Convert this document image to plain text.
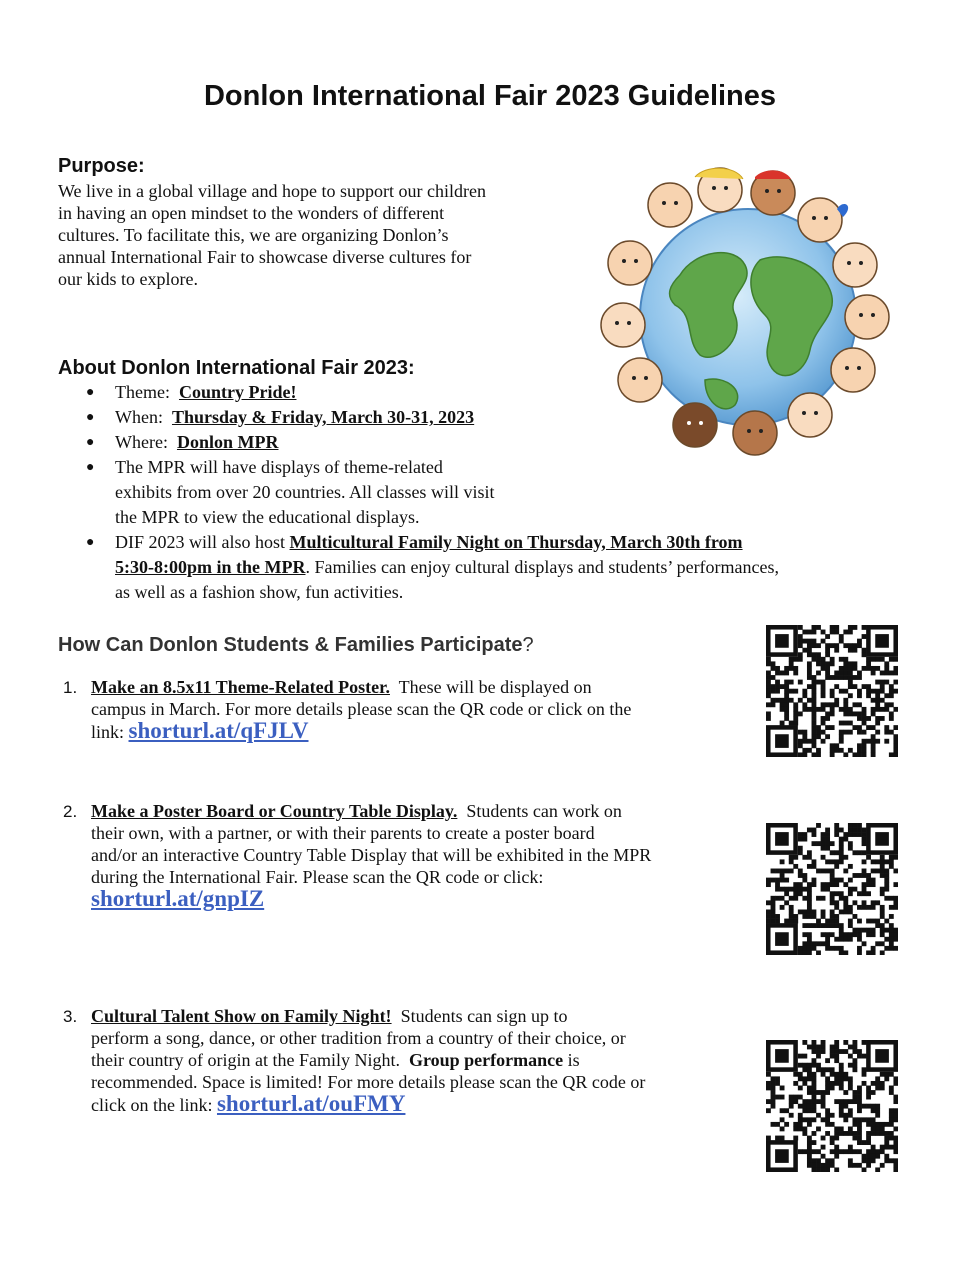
Donlon International Fair 2023 Guidelines
Purpose:
We live in a global village and hope to support our children
in having an open mindset to the wonders of different
cultures. To facilitate this, we are organizing Donlon’s
annual International Fair to showcase diverse cultures for
our kids to explore.
About Donlon International Fair 2023:
● Theme: Country Pride!
● When: Thursday & Friday, March 30-31, 2023
● Where: Donlon MPR
● The MPR will have displays of theme-related
exhibits from over 20 countries. All classes will visit
the MPR to view the educational displays.
● DIF 2023 will also host Multicultural Family Night on Thursday, March 30th from
5:30-8:00pm in the MPR. Families can enjoy cultural displays and students’ performances,
as well as a fashion show, fun activities.
How Can Donlon Students & Families Participate?
1. Make an 8.5x11 Theme-Related Poster.  These will be displayed on
campus in March. For more details please scan the QR code or click on the
link: shorturl.at/qFJLV
2. Make a Poster Board or Country Table Display.  Students can work on
their own, with a partner, or with their parents to create a poster board
and/or an interactive Country Table Display that will be exhibited in the MPR
during the International Fair. Please scan the QR code or click:
shorturl.at/gnpIZ
3. Cultural Talent Show on Family Night!  Students can sign up to
perform a song, dance, or other tradition from a country of their choice, or
their country of origin at the Family Night.  Group performance is
recommended. Space is limited! For more details please scan the QR code or
click on the link: shorturl.at/ouFMY
